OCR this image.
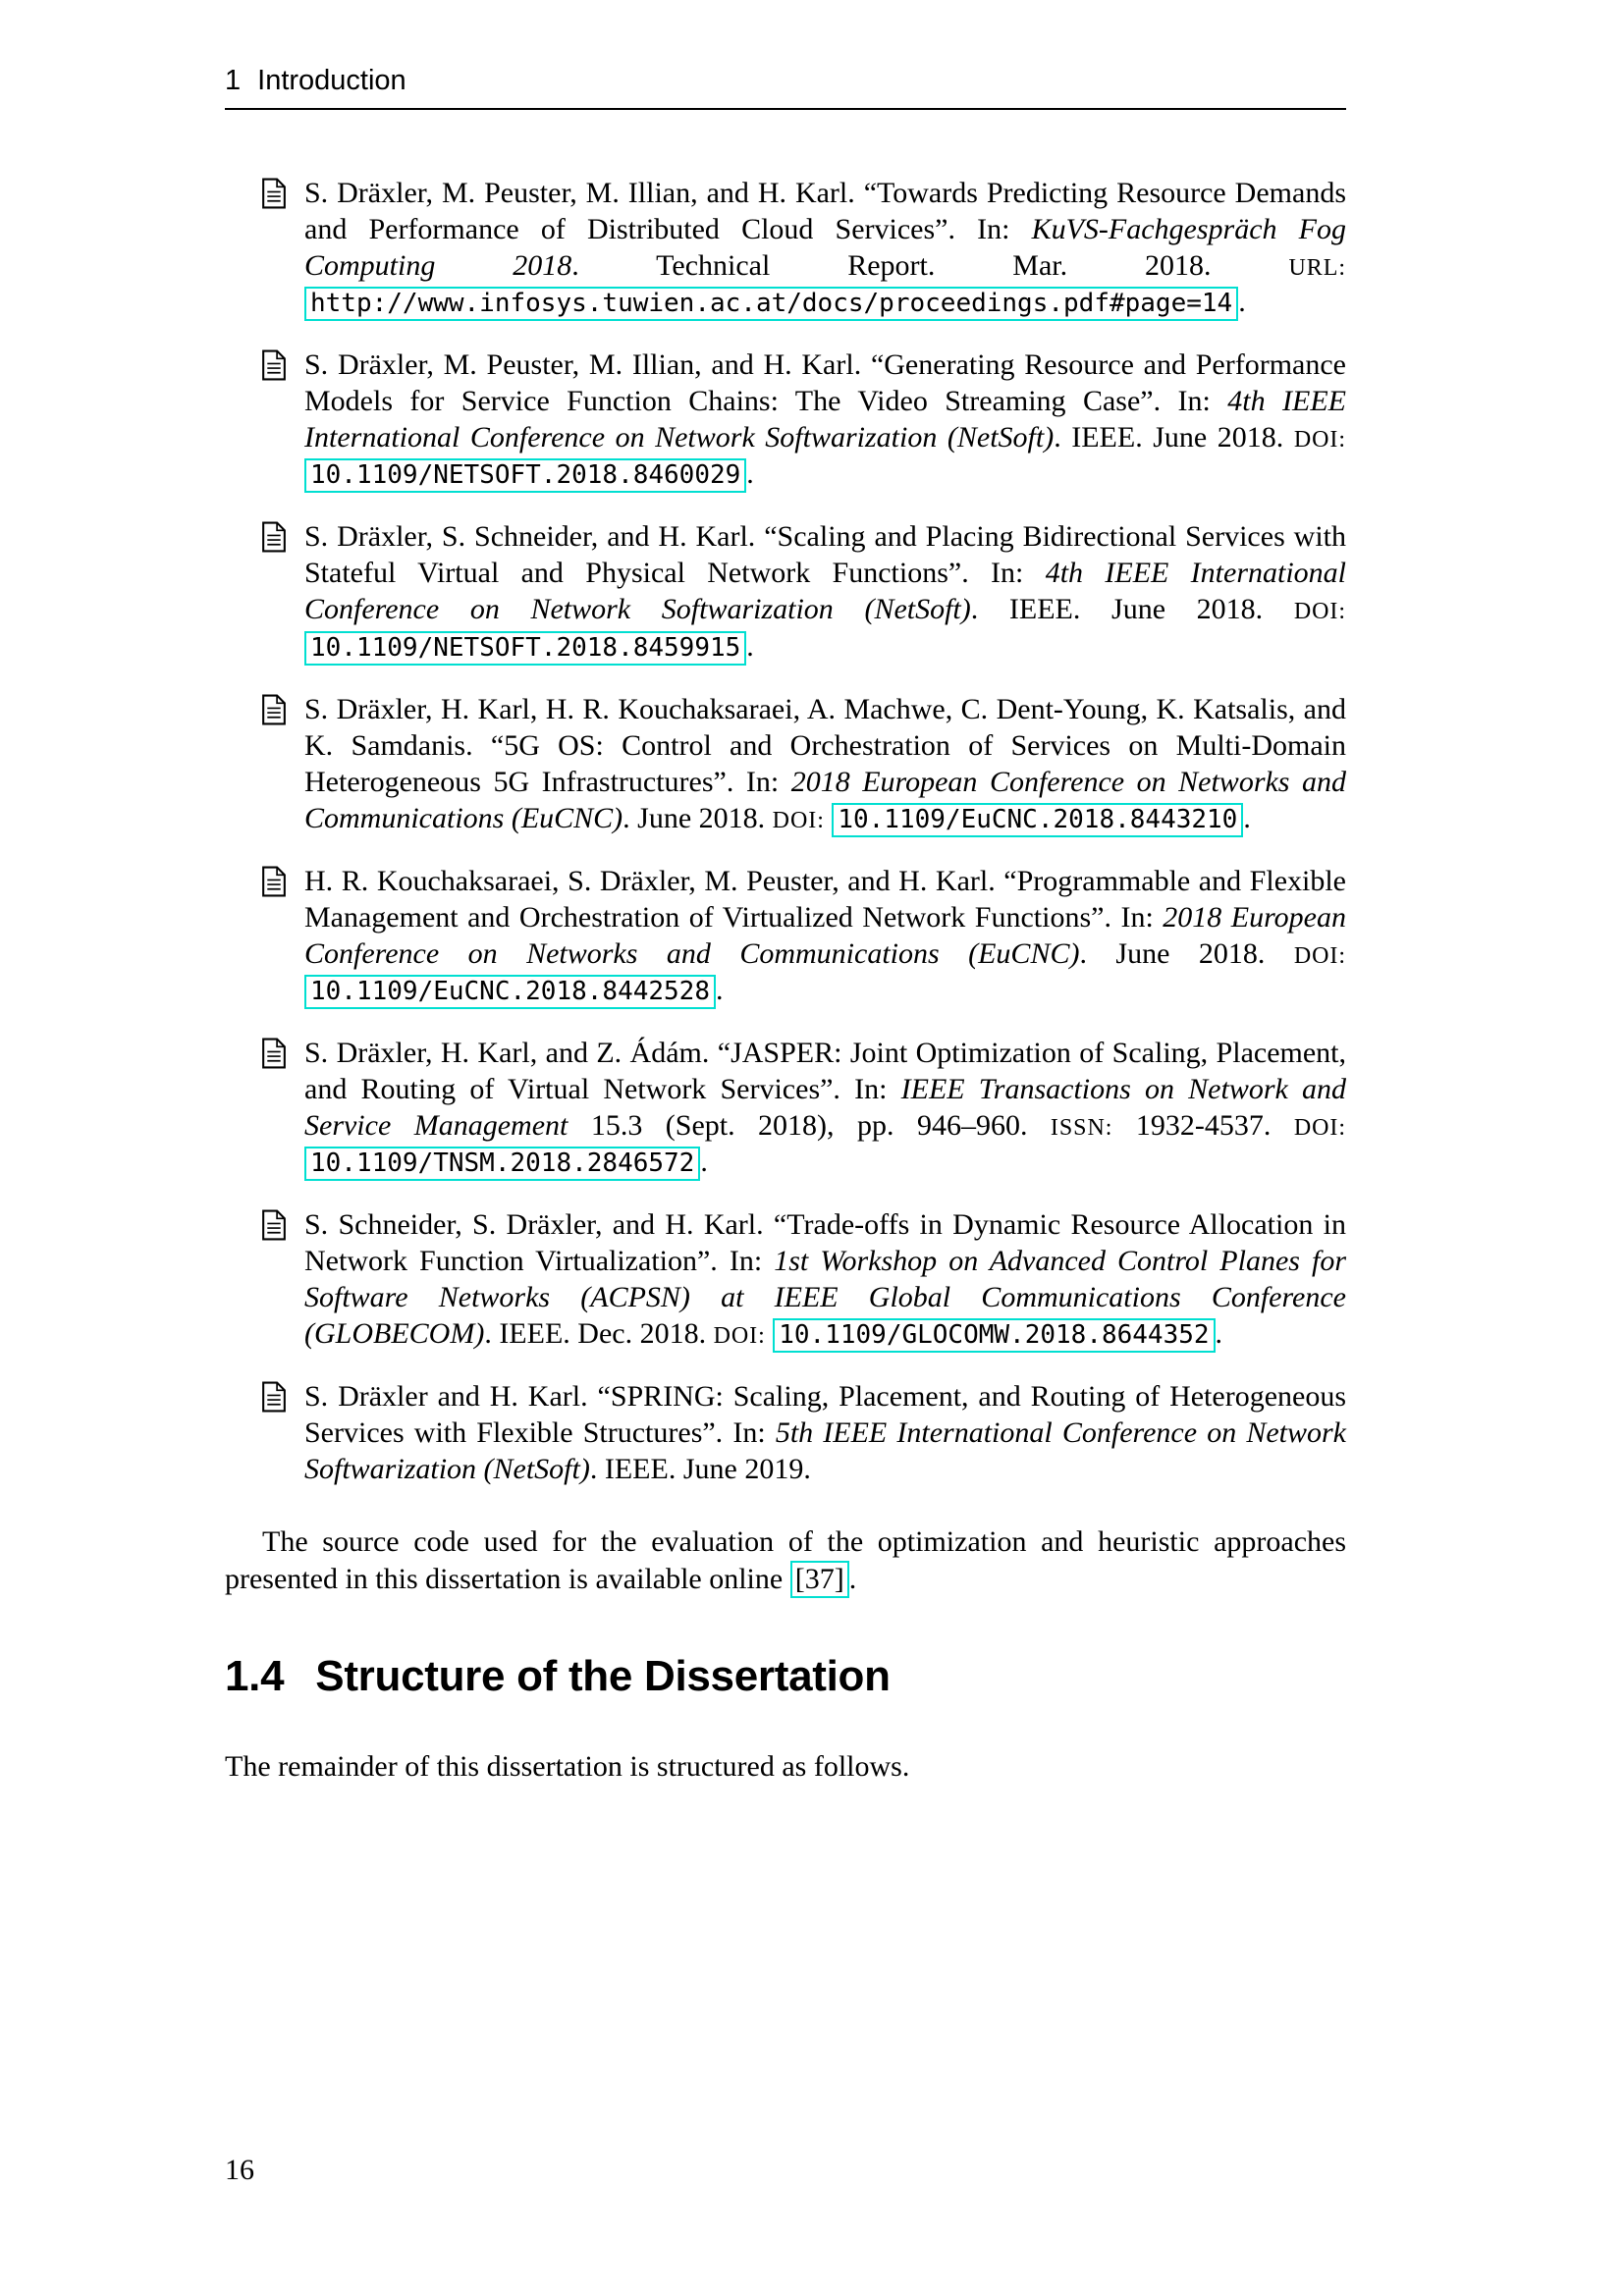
1 Introduction

S. Dräxler, M. Peuster, M. Illian, and H. Karl. “Towards Predicting Resource Demands and Performance of Distributed Cloud Services”. In: KuVS-Fachgespräch Fog Computing 2018. Technical Report. Mar. 2018. URL: http://www.infosys.tuwien.ac.at/docs/proceedings.pdf#page=14 .

S. Dräxler, M. Peuster, M. Illian, and H. Karl. “Generating Resource and Performance Models for Service Function Chains: The Video Streaming Case”. In: 4th IEEE International Conference on Network Softwarization (NetSoft). IEEE. June 2018. DOI: 10.1109/NETSOFT.2018.8460029 .

S. Dräxler, S. Schneider, and H. Karl. “Scaling and Placing Bidirectional Services with Stateful Virtual and Physical Network Functions”. In: 4th IEEE International Conference on Network Softwarization (NetSoft). IEEE. June 2018. DOI: 10.1109/NETSOFT.2018.8459915 .

S. Dräxler, H. Karl, H. R. Kouchaksaraei, A. Machwe, C. Dent-Young, K. Katsalis, and K. Samdanis. “5G OS: Control and Orchestration of Services on Multi-Domain Heterogeneous 5G Infrastructures”. In: 2018 European Conference on Networks and Communications (EuCNC). June 2018. DOI: 10.1109/EuCNC.2018.8443210 .

H. R. Kouchaksaraei, S. Dräxler, M. Peuster, and H. Karl. “Programmable and Flexible Management and Orchestration of Virtualized Network Functions”. In: 2018 European Conference on Networks and Communications (EuCNC). June 2018. DOI: 10.1109/EuCNC.2018.8442528 .

S. Dräxler, H. Karl, and Z. Ádám. “JASPER: Joint Optimization of Scaling, Placement, and Routing of Virtual Network Services”. In: IEEE Transactions on Network and Service Management 15.3 (Sept. 2018), pp. 946–960. ISSN: 1932-4537. DOI: 10.1109/TNSM.2018.2846572 .

S. Schneider, S. Dräxler, and H. Karl. “Trade-offs in Dynamic Resource Allocation in Network Function Virtualization”. In: 1st Workshop on Advanced Control Planes for Software Networks (ACPSN) at IEEE Global Communications Conference (GLOBECOM). IEEE. Dec. 2018. DOI: 10.1109/GLOCOMW.2018.8644352 .

S. Dräxler and H. Karl. “SPRING: Scaling, Placement, and Routing of Heterogeneous Services with Flexible Structures”. In: 5th IEEE International Conference on Network Softwarization (NetSoft). IEEE. June 2019.

The source code used for the evaluation of the optimization and heuristic approaches presented in this dissertation is available online [37] .

1.4 Structure of the Dissertation

The remainder of this dissertation is structured as follows.

16
